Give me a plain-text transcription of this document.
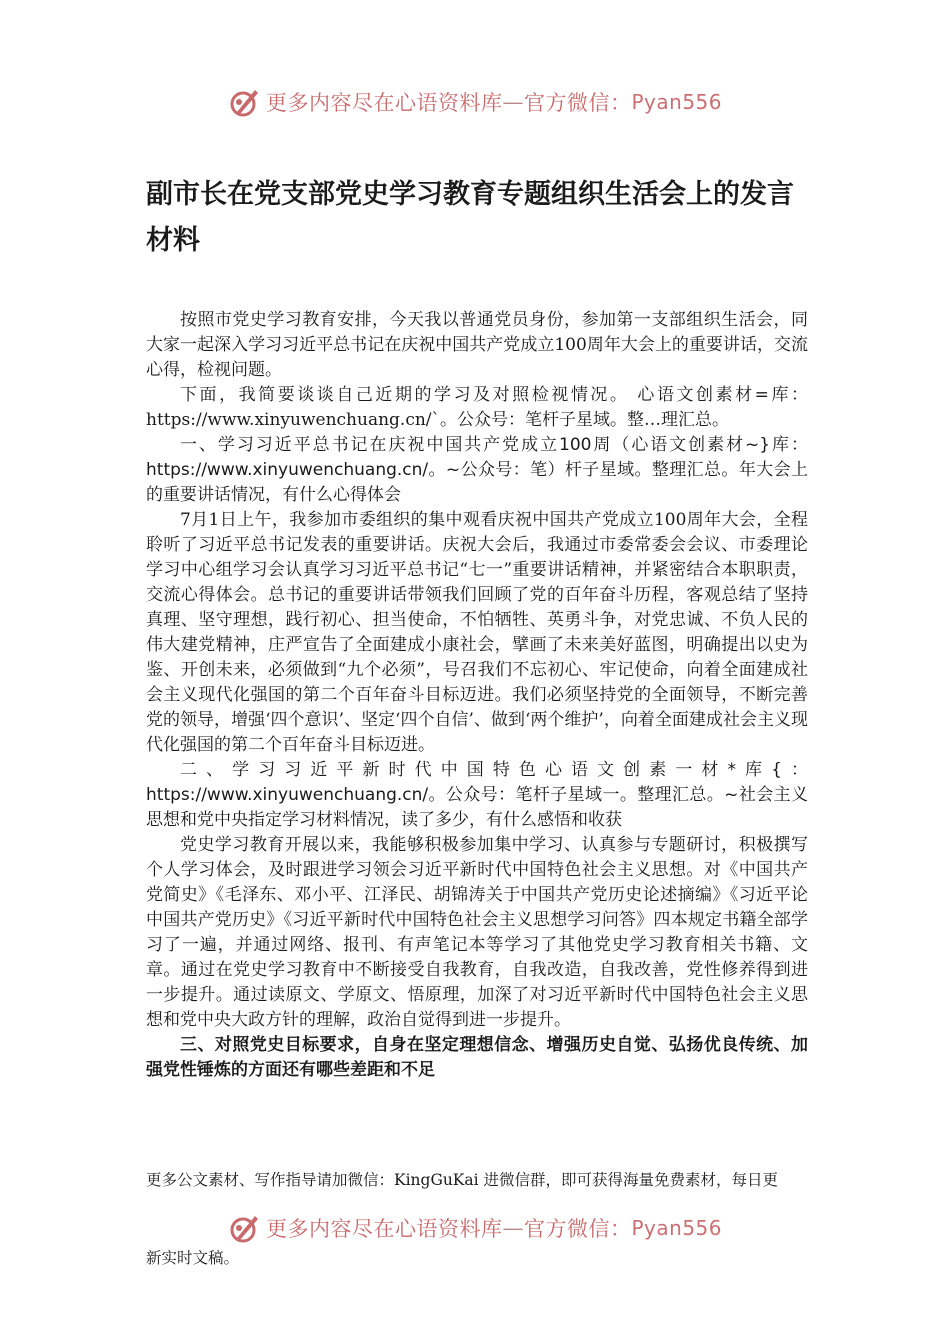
更多内容尽在心语资料库 — 官方微信： Pyan556
副市长在党支部党史学习教育专题组织生活会上的发言材料

按照市党史学习教育安排，今天我以普通党员身份，参加第一支部组织生活会，同大家一起深入学习习近平总书记在庆祝中国共产党成立100周年大会上的重要讲话，交流心得，检视问题。

下面，我简要谈谈自己近期的学习及对照检视情况。 心语文创素材=库：https://www.xinyuwenchuang.cn/`。公众号：笔杆子星域。整…理汇总。

一、学习习近平总书记在庆祝中国共产党成立100周（心语文创素材~}库：https://www.xinyuwenchuang.cn/。~公众号：笔）杆子星域。整理汇总。年大会上的重要讲话情况，有什么心得体会

7月1日上午，我参加市委组织的集中观看庆祝中国共产党成立100周年大会，全程聆听了习近平总书记发表的重要讲话。庆祝大会后，我通过市委常委会会议、市委理论学习中心组学习会认真学习习近平总书记“七一”重要讲话精神，并紧密结合本职职责，交流心得体会。总书记的重要讲话带领我们回顾了党的百年奋斗历程，客观总结了坚持真理、坚守理想，践行初心、担当使命，不怕牺牲、英勇斗争，对党忠诚、不负人民的伟大建党精神，庄严宣告了全面建成小康社会，擘画了未来美好蓝图，明确提出以史为鉴、开创未来，必须做到“九个必须”，号召我们不忘初心、牢记使命，向着全面建成社会主义现代化强国的第二个百年奋斗目标迈进。我们必须坚持党的全面领导，不断完善党的领导，增强‘四个意识’、坚定‘四个自信’、做到‘两个维护’，向着全面建成社会主义现代化强国的第二个百年奋斗目标迈进。

二、学习习近平新时代中国特色心语文创素一材*库{：https://www.xinyuwenchuang.cn/。公众号：笔杆子星域一。整理汇总。~社会主义思想和党中央指定学习材料情况，读了多少，有什么感悟和收获

党史学习教育开展以来，我能够积极参加集中学习、认真参与专题研讨，积极撰写个人学习体会，及时跟进学习领会习近平新时代中国特色社会主义思想。对《中国共产党简史》《毛泽东、邓小平、江泽民、胡锦涛关于中国共产党历史论述摘编》《习近平论中国共产党历史》《习近平新时代中国特色社会主义思想学习问答》四本规定书籍全部学习了一遍，并通过网络、报刊、有声笔记本等学习了其他党史学习教育相关书籍、文章。通过在党史学习教育中不断接受自我教育，自我改造，自我改善，党性修养得到进一步提升。通过读原文、学原文、悟原理，加深了对习近平新时代中国特色社会主义思想和党中央大政方针的理解，政治自觉得到进一步提升。

三、对照党史目标要求，自身在坚定理想信念、增强历史自觉、弘扬优良传统、加强党性锤炼的方面还有哪些差距和不足

更多公文素材、写作指导请加微信：KingGuKai 进微信群，即可获得海量免费素材，每日更
更多内容尽在心语资料库 — 官方微信： Pyan556
新实时文稿。
